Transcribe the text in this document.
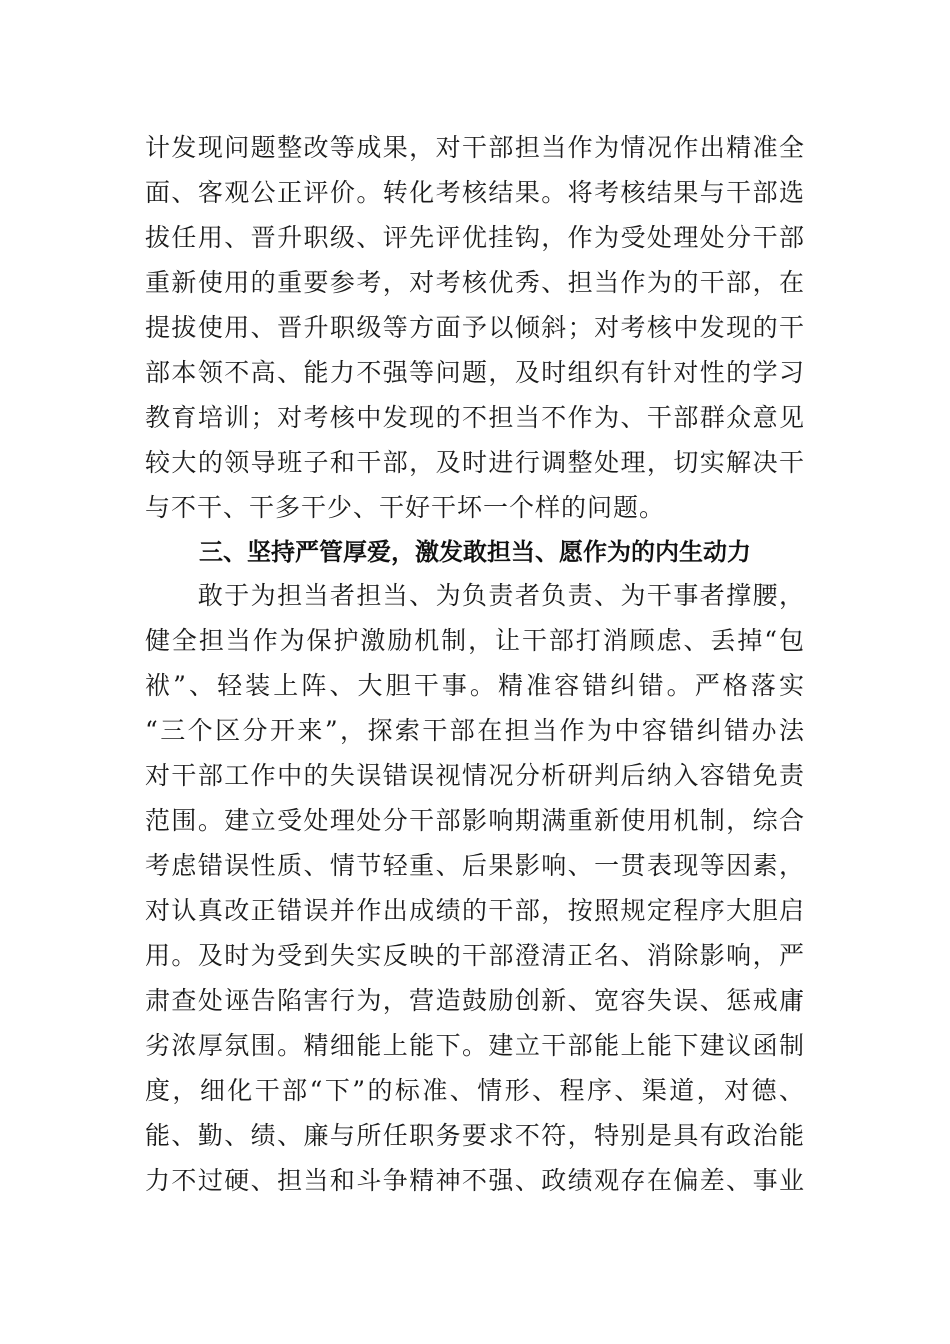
计发现问题整改等成果，对干部担当作为情况作出精准全
面、客观公正评价。转化考核结果。将考核结果与干部选
拔任用、晋升职级、评先评优挂钩，作为受处理处分干部
重新使用的重要参考，对考核优秀、担当作为的干部，在
提拔使用、晋升职级等方面予以倾斜；对考核中发现的干
部本领不高、能力不强等问题，及时组织有针对性的学习
教育培训；对考核中发现的不担当不作为、干部群众意见
较大的领导班子和干部，及时进行调整处理，切实解决干
与不干、干多干少、干好干坏一个样的问题。
三、坚持严管厚爱，激发敢担当、愿作为的内生动力
　　敢于为担当者担当、为负责者负责、为干事者撑腰，
健全担当作为保护激励机制，让干部打消顾虑、丢掉“包
袱”、轻装上阵、大胆干事。精准容错纠错。严格落实
“三个区分开来”，探索干部在担当作为中容错纠错办法
对干部工作中的失误错误视情况分析研判后纳入容错免责
范围。建立受处理处分干部影响期满重新使用机制，综合
考虑错误性质、情节轻重、后果影响、一贯表现等因素，
对认真改正错误并作出成绩的干部，按照规定程序大胆启
用。及时为受到失实反映的干部澄清正名、消除影响，严
肃查处诬告陷害行为，营造鼓励创新、宽容失误、惩戒庸
劣浓厚氛围。精细能上能下。建立干部能上能下建议函制
度，细化干部“下”的标准、情形、程序、渠道，对德、
能、勤、绩、廉与所任职务要求不符，特别是具有政治能
力不过硬、担当和斗争精神不强、政绩观存在偏差、事业
